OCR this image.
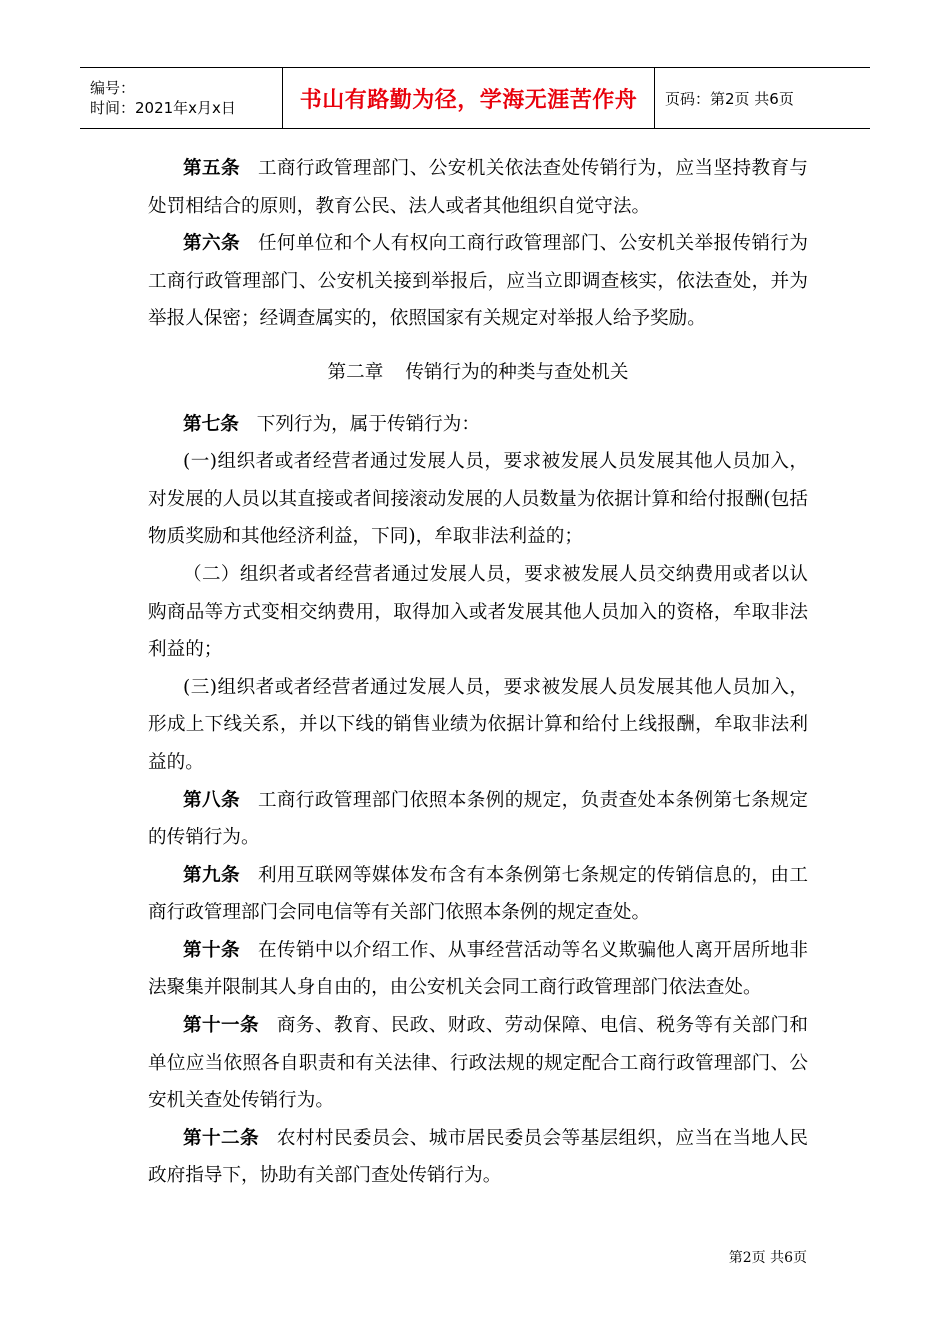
编号：
时间：2021年x月x日	书山有路勤为径，学海无涯苦作舟 页码：第2页 共6页

第五条 工商行政管理部门、公安机关依法查处传销行为，应当坚持教育与处罚相结合的原则，教育公民、法人或者其他组织自觉守法。

第六条 任何单位和个人有权向工商行政管理部门、公安机关举报传销行为工商行政管理部门、公安机关接到举报后，应当立即调查核实，依法查处，并为举报人保密；经调查属实的，依照国家有关规定对举报人给予奖励。

第二章 传销行为的种类与查处机关

第七条 下列行为，属于传销行为：

(一)组织者或者经营者通过发展人员，要求被发展人员发展其他人员加入，对发展的人员以其直接或者间接滚动发展的人员数量为依据计算和给付报酬(包括物质奖励和其他经济利益，下同)，牟取非法利益的；

（二）组织者或者经营者通过发展人员，要求被发展人员交纳费用或者以认购商品等方式变相交纳费用，取得加入或者发展其他人员加入的资格，牟取非法利益的；

(三)组织者或者经营者通过发展人员，要求被发展人员发展其他人员加入，形成上下线关系，并以下线的销售业绩为依据计算和给付上线报酬，牟取非法利益的。

第八条 工商行政管理部门依照本条例的规定，负责查处本条例第七条规定的传销行为。

第九条 利用互联网等媒体发布含有本条例第七条规定的传销信息的，由工商行政管理部门会同电信等有关部门依照本条例的规定查处。

第十条 在传销中以介绍工作、从事经营活动等名义欺骗他人离开居所地非法聚集并限制其人身自由的，由公安机关会同工商行政管理部门依法查处。

第十一条 商务、教育、民政、财政、劳动保障、电信、税务等有关部门和单位应当依照各自职责和有关法律、行政法规的规定配合工商行政管理部门、公安机关查处传销行为。

第十二条 农村村民委员会、城市居民委员会等基层组织，应当在当地人民政府指导下，协助有关部门查处传销行为。

第2页 共6页
